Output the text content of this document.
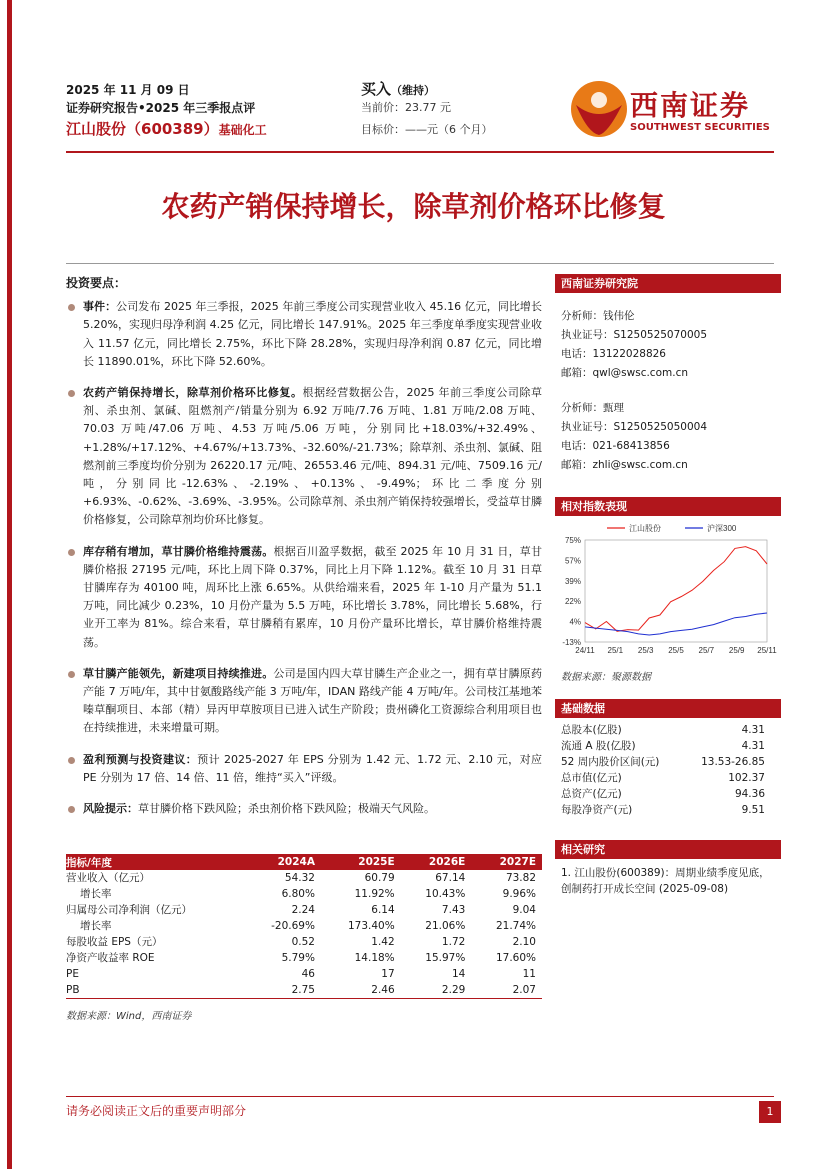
2025 年 11 月 09 日
证券研究报告•2025 年三季报点评
江山股份（600389）基础化工
买入（维持）
当前价：23.77 元
目标价：——元（6 个月）
西南证券
SOUTHWEST SECURITIES
农药产销保持增长，除草剂价格环比修复
投资要点：
事件：公司发布 2025 年三季报，2025 年前三季度公司实现营业收入 45.16 亿元，同比增长 5.20%，实现归母净利润 4.25 亿元，同比增长 147.91%。2025 年三季度单季度实现营业收入 11.57 亿元，同比增长 2.75%，环比下降 28.28%，实现归母净利润 0.87 亿元，同比增长 11890.01%，环比下降 52.60%。
农药产销保持增长，除草剂价格环比修复。根据经营数据公告，2025 年前三季度公司除草剂、杀虫剂、氯碱、阻燃剂产/销量分别为 6.92 万吨/7.76 万吨、1.81 万吨/2.08 万吨、70.03 万吨/47.06 万吨、4.53 万吨/5.06 万吨，分别同比+18.03%/+32.49%、+1.28%/+17.12%、+4.67%/+13.73%、-32.60%/-21.73%；除草剂、杀虫剂、氯碱、阻燃剂前三季度均价分别为 26220.17 元/吨、26553.46 元/吨、894.31 元/吨、7509.16 元/吨，分别同比-12.63%、-2.19%、+0.13%、-9.49%；环比二季度分别+6.93%、-0.62%、-3.69%、-3.95%。公司除草剂、杀虫剂产销保持较强增长，受益草甘膦价格修复，公司除草剂均价环比修复。
库存稍有增加，草甘膦价格维持震荡。根据百川盈孚数据，截至 2025 年 10 月 31 日，草甘膦价格报 27195 元/吨，环比上周下降 0.37%，同比上月下降 1.12%。截至 10 月 31 日草甘膦库存为 40100 吨，周环比上涨 6.65%。从供给端来看，2025 年 1-10 月产量为 51.1 万吨，同比减少 0.23%，10 月份产量为 5.5 万吨，环比增长 3.78%，同比增长 5.68%，行业开工率为 81%。综合来看，草甘膦稍有累库，10 月份产量环比增长，草甘膦价格维持震荡。
草甘膦产能领先，新建项目持续推进。公司是国内四大草甘膦生产企业之一，拥有草甘膦原药产能 7 万吨/年，其中甘氨酸路线产能 3 万吨/年，IDAN 路线产能 4 万吨/年。公司枝江基地苯嗪草酮项目、本部（精）异丙甲草胺项目已进入试生产阶段；贵州磷化工资源综合利用项目也在持续推进，未来增量可期。
盈利预测与投资建议：预计 2025-2027 年 EPS 分别为 1.42 元、1.72 元、2.10 元，对应 PE 分别为 17 倍、14 倍、11 倍，维持“买入”评级。
风险提示：草甘膦价格下跌风险；杀虫剂价格下跌风险；极端天气风险。
西南证券研究院
分析师：钱伟伦
执业证号：S1250525070005
电话：13122028826
邮箱：qwl@swsc.com.cn
分析师：甄理
执业证号：S1250525050004
电话：021-68413856
邮箱：zhli@swsc.com.cn
相对指数表现
75%
57%
39%
22%
4%
-13%
24/11 25/1 25/3 25/5 25/7 25/9 25/11
江山股份	沪深300
数据来源：聚源数据
基础数据
总股本(亿股)	4.31
流通 A 股(亿股)	4.31
52 周内股价区间(元)	13.53-26.85
总市值(亿元)	102.37
总资产(亿元)	94.36
每股净资产(元)	9.51
相关研究
1. 江山股份(600389)：周期业绩季度见底，创制药打开成长空间 (2025-09-08)
指标/年度	2024A	2025E	2026E	2027E
营业收入（亿元）	54.32	60.79	67.14	73.82
增长率	6.80%	11.92%	10.43%	9.96%
归属母公司净利润（亿元）	2.24	6.14	7.43	9.04
增长率	-20.69%	173.40%	21.06%	21.74%
每股收益 EPS（元）	0.52	1.42	1.72	2.10
净资产收益率 ROE	5.79%	14.18%	15.97%	17.60%
PE	46	17	14	11
PB	2.75	2.46	2.29	2.07
数据来源：Wind，西南证券
请务必阅读正文后的重要声明部分	1
